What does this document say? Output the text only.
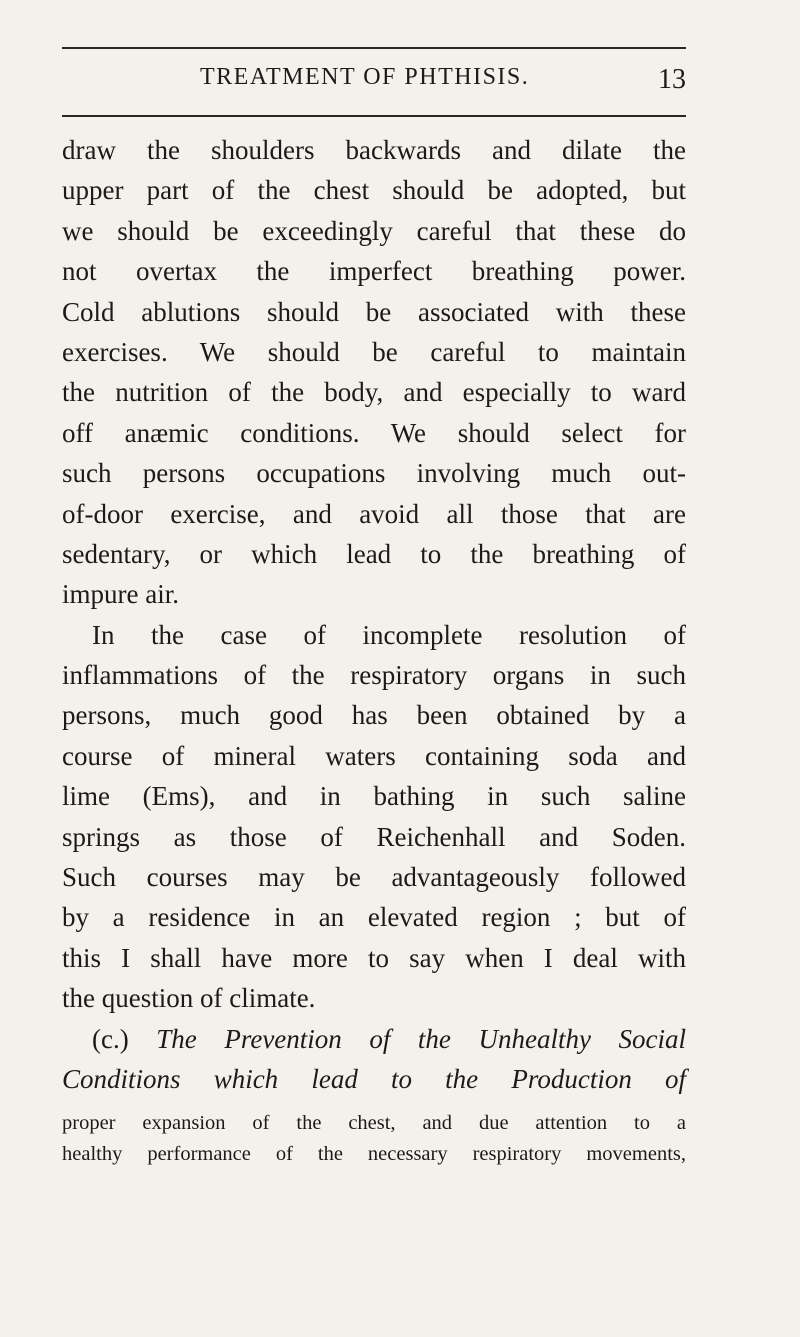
TREATMENT OF PHTHISIS.	13
draw the shoulders backwards and dilate the
upper part of the chest should be adopted, but
we should be exceedingly careful that these do
not overtax the imperfect breathing power.
Cold ablutions should be associated with these
exercises. We should be careful to maintain
the nutrition of the body, and especially to ward
off anæmic conditions. We should select for
such persons occupations involving much out-
of-door exercise, and avoid all those that are
sedentary, or which lead to the breathing of
impure air.
In the case of incomplete resolution of
inflammations of the respiratory organs in such
persons, much good has been obtained by a
course of mineral waters containing soda and
lime (Ems), and in bathing in such saline
springs as those of Reichenhall and Soden.
Such courses may be advantageously followed
by a residence in an elevated region ; but of
this I shall have more to say when I deal with
the question of climate.
(c.) The Prevention of the Unhealthy Social
Conditions which lead to the Production of
proper expansion of the chest, and due attention to a
healthy performance of the necessary respiratory movements,
